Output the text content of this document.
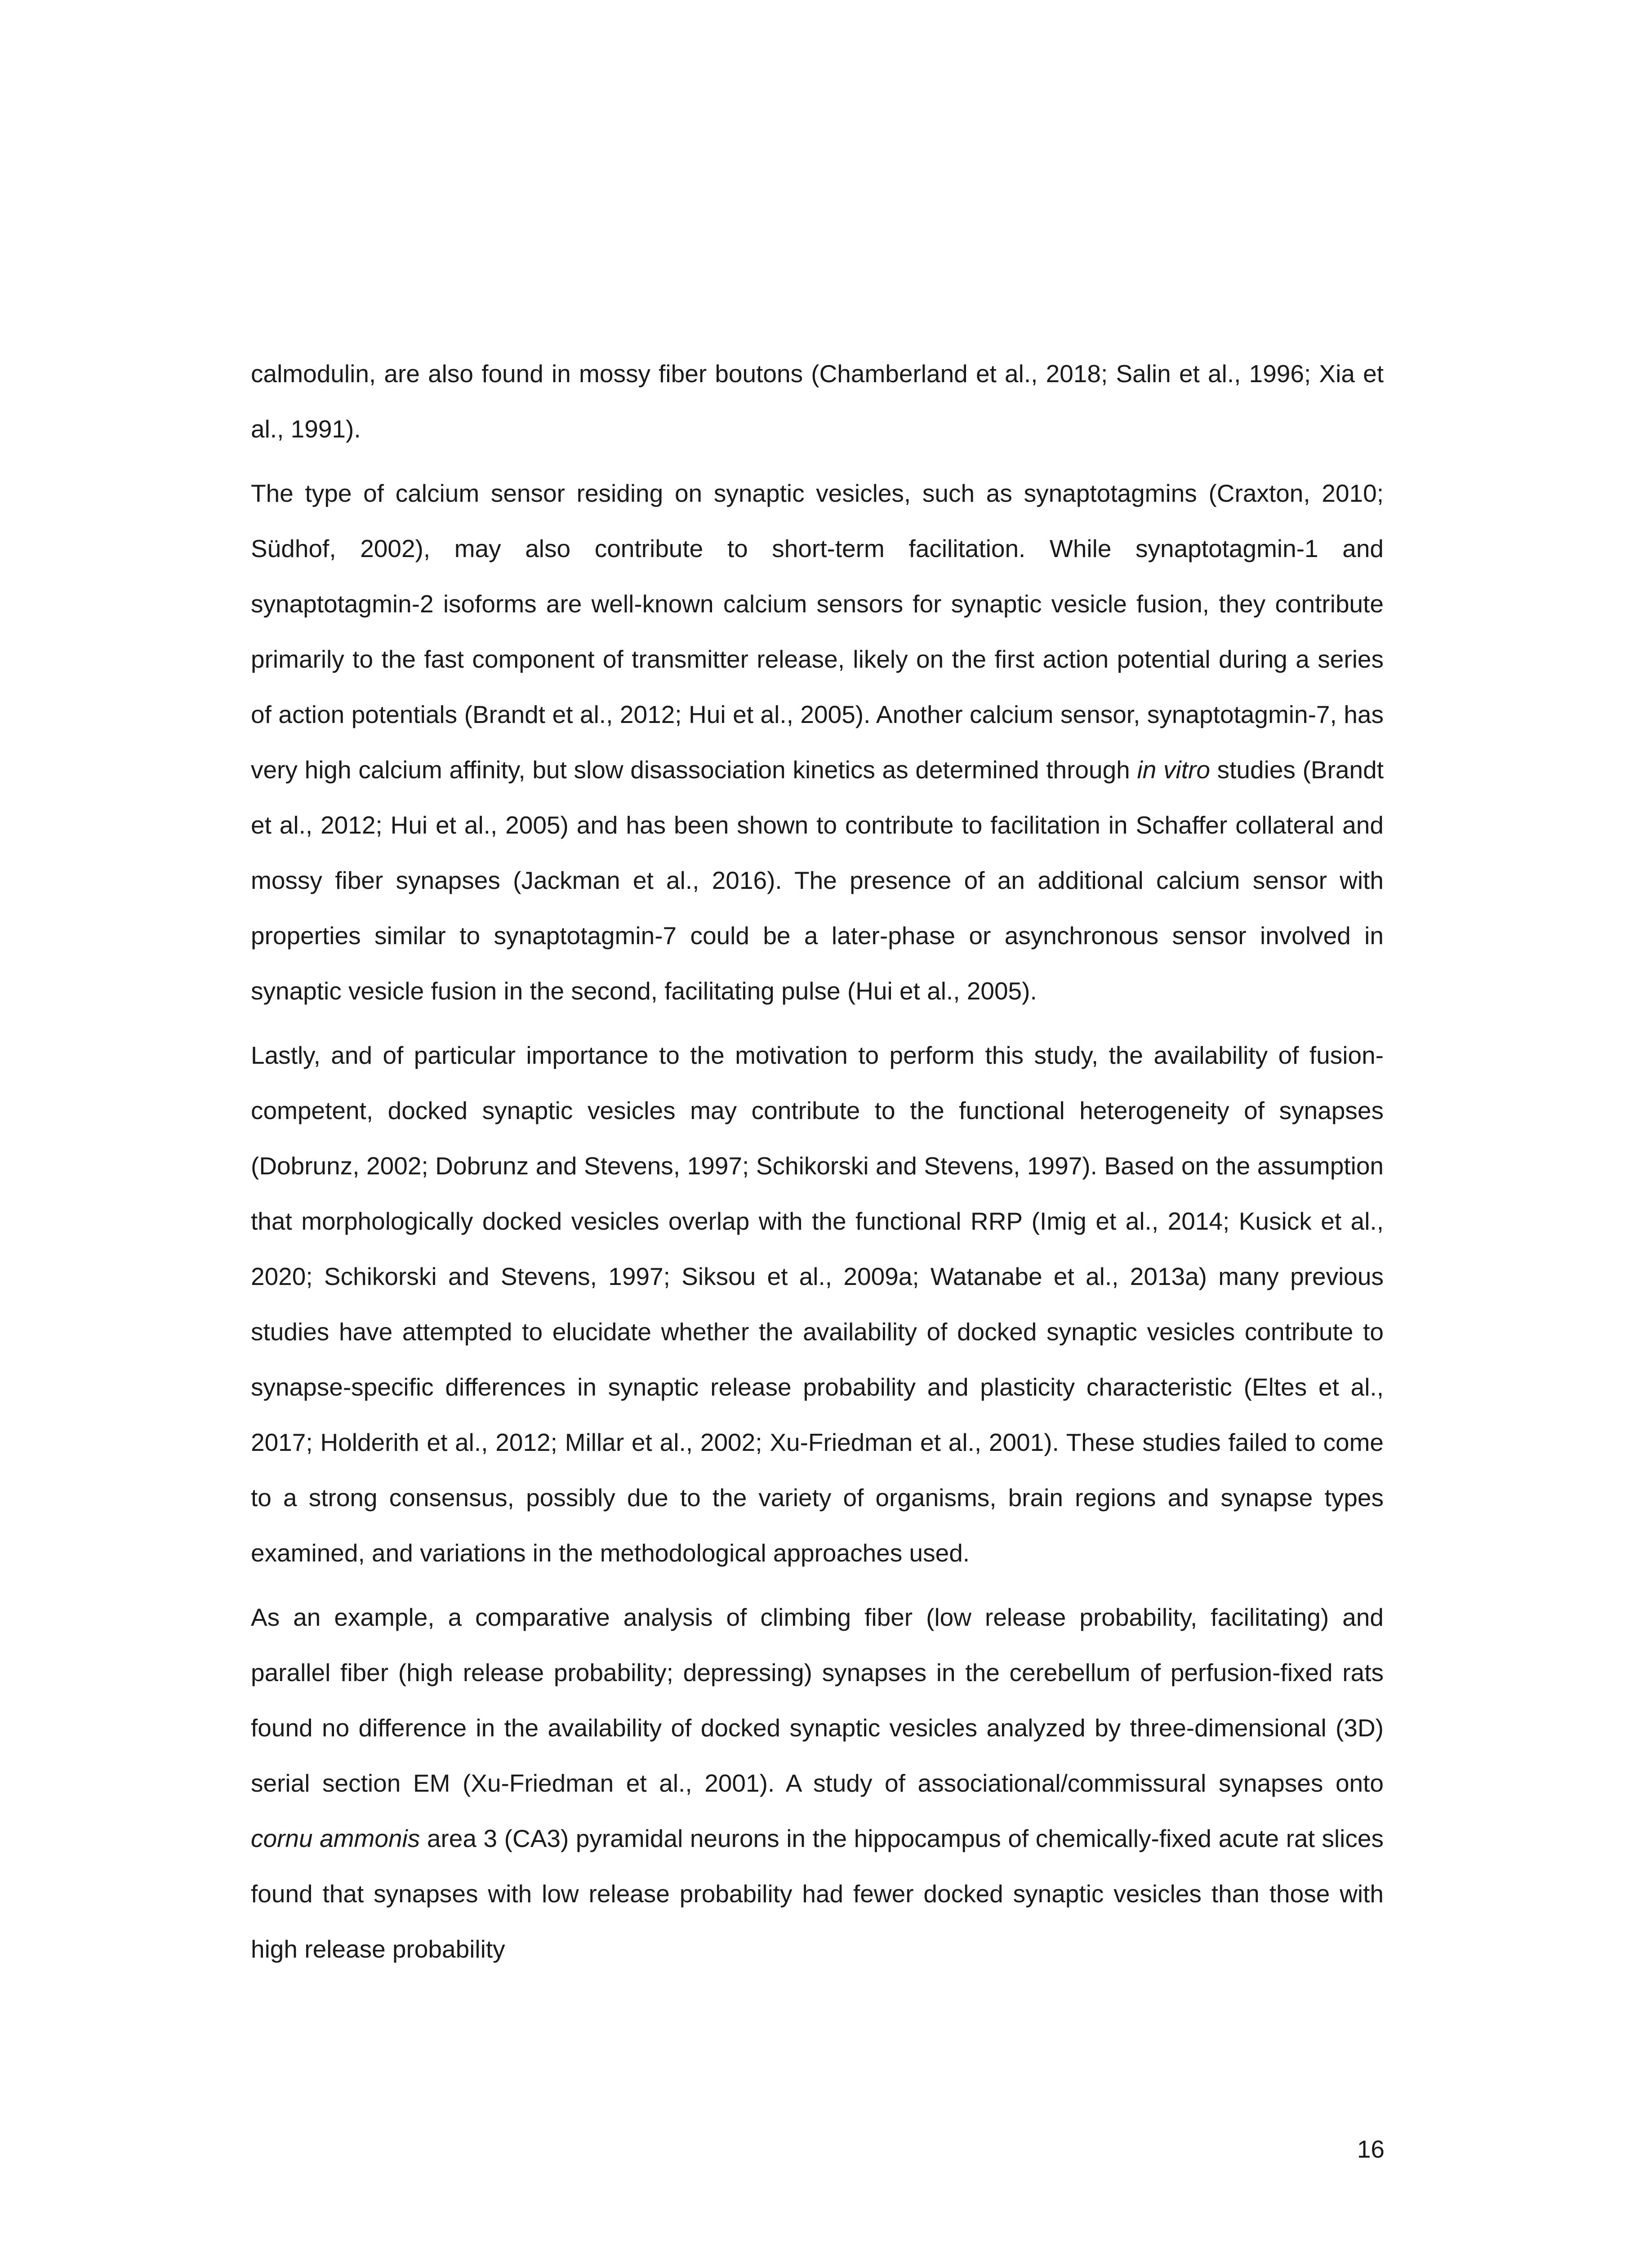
calmodulin, are also found in mossy fiber boutons (Chamberland et al., 2018; Salin et al., 1996; Xia et al., 1991).

The type of calcium sensor residing on synaptic vesicles, such as synaptotagmins (Craxton, 2010; Südhof, 2002), may also contribute to short-term facilitation. While synaptotagmin-1 and synaptotagmin-2 isoforms are well-known calcium sensors for synaptic vesicle fusion, they contribute primarily to the fast component of transmitter release, likely on the first action potential during a series of action potentials (Brandt et al., 2012; Hui et al., 2005). Another calcium sensor, synaptotagmin-7, has very high calcium affinity, but slow disassociation kinetics as determined through in vitro studies (Brandt et al., 2012; Hui et al., 2005) and has been shown to contribute to facilitation in Schaffer collateral and mossy fiber synapses (Jackman et al., 2016). The presence of an additional calcium sensor with properties similar to synaptotagmin-7 could be a later-phase or asynchronous sensor involved in synaptic vesicle fusion in the second, facilitating pulse (Hui et al., 2005).

Lastly, and of particular importance to the motivation to perform this study, the availability of fusion-competent, docked synaptic vesicles may contribute to the functional heterogeneity of synapses (Dobrunz, 2002; Dobrunz and Stevens, 1997; Schikorski and Stevens, 1997). Based on the assumption that morphologically docked vesicles overlap with the functional RRP (Imig et al., 2014; Kusick et al., 2020; Schikorski and Stevens, 1997; Siksou et al., 2009a; Watanabe et al., 2013a) many previous studies have attempted to elucidate whether the availability of docked synaptic vesicles contribute to synapse-specific differences in synaptic release probability and plasticity characteristic (Eltes et al., 2017; Holderith et al., 2012; Millar et al., 2002; Xu-Friedman et al., 2001). These studies failed to come to a strong consensus, possibly due to the variety of organisms, brain regions and synapse types examined, and variations in the methodological approaches used.

As an example, a comparative analysis of climbing fiber (low release probability, facilitating) and parallel fiber (high release probability; depressing) synapses in the cerebellum of perfusion-fixed rats found no difference in the availability of docked synaptic vesicles analyzed by three-dimensional (3D) serial section EM (Xu-Friedman et al., 2001). A study of associational/commissural synapses onto cornu ammonis area 3 (CA3) pyramidal neurons in the hippocampus of chemically-fixed acute rat slices found that synapses with low release probability had fewer docked synaptic vesicles than those with high release probability

16
